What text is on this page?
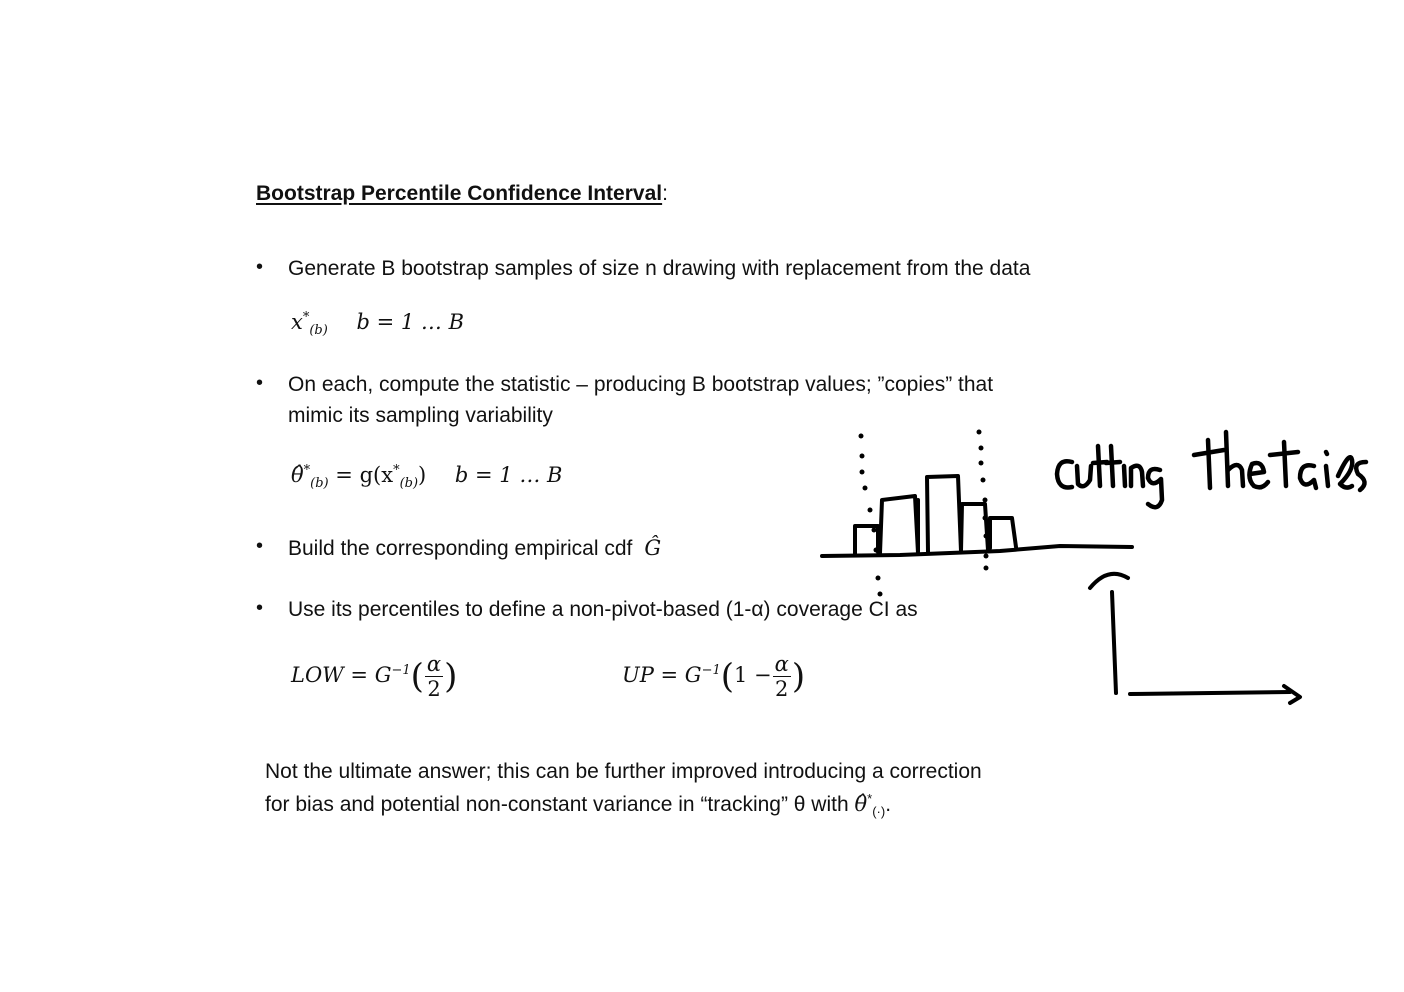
Bootstrap Percentile Confidence Interval:
• Generate B bootstrap samples of size n drawing with replacement from the data
$x^*_{(b)}$ b = 1 … B
• On each, compute the statistic – producing B bootstrap values; ”copies” that
mimic its sampling variability
$\thetâ^*_{(b)} = g(x^*_{(b)}) b = 1$ … B
• Build the corresponding empirical cdf Ĝ
• Use its percentiles to define a non-pivot-based (1-α) coverage CI as
LOW = $G^{-1}( \frac{\alpha}{2}$ )	UP = $G^{-1}(1 - \frac{\alpha}{2}$ )
Not the ultimate answer; this can be further improved introducing a correction
for bias and potential non-constant variance in “tracking” θ with $\thetâ^*_{(\cdot)}$.
